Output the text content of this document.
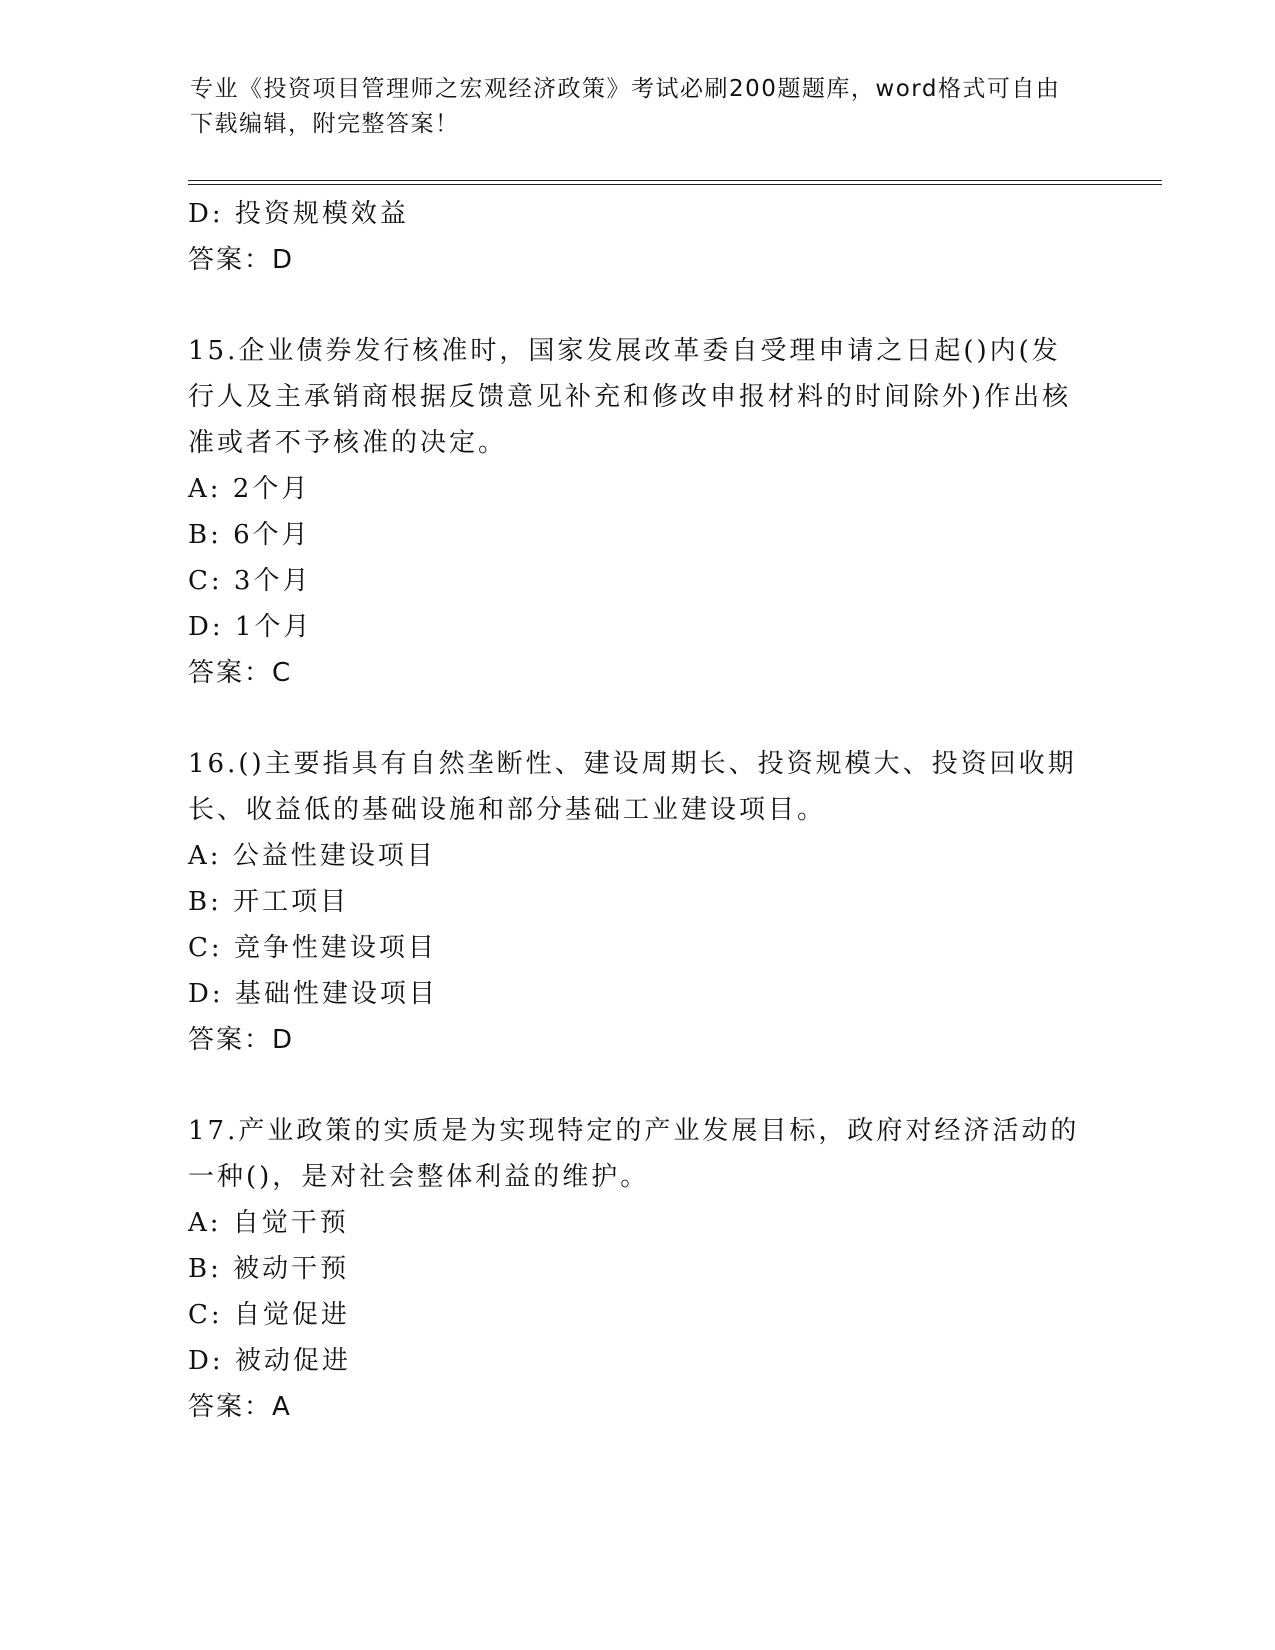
专业《投资项目管理师之宏观经济政策》考试必刷200题题库，word格式可自由
下载编辑，附完整答案！
D: 投资规模效益
答案：D
15.企业债券发行核准时，国家发展改革委自受理申请之日起()内(发
行人及主承销商根据反馈意见补充和修改申报材料的时间除外)作出核
准或者不予核准的决定。
A: 2个月
B: 6个月
C: 3个月
D: 1个月
答案：C
16.()主要指具有自然垄断性、建设周期长、投资规模大、投资回收期
长、收益低的基础设施和部分基础工业建设项目。
A: 公益性建设项目
B: 开工项目
C: 竞争性建设项目
D: 基础性建设项目
答案：D
17.产业政策的实质是为实现特定的产业发展目标，政府对经济活动的
一种()，是对社会整体利益的维护。
A: 自觉干预
B: 被动干预
C: 自觉促进
D: 被动促进
答案：A
